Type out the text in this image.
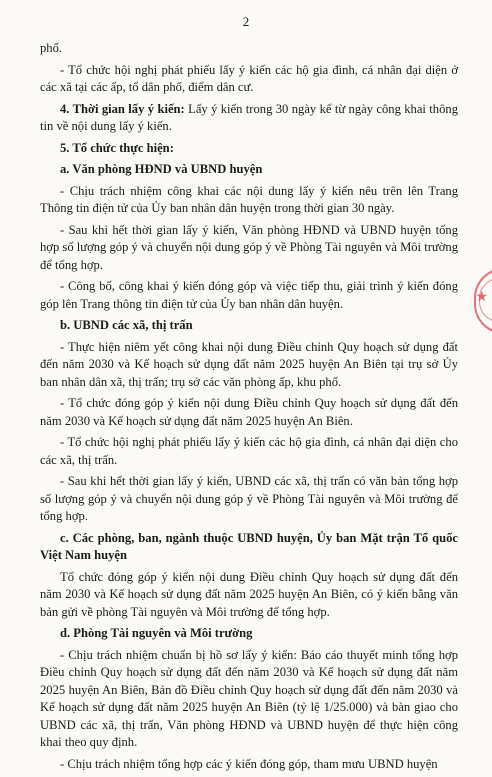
2

phố.

- Tổ chức hội nghị phát phiếu lấy ý kiến các hộ gia đình, cá nhân đại diện ở các xã tại các ấp, tổ dân phố, điểm dân cư.

4. Thời gian lấy ý kiến: Lấy ý kiến trong 30 ngày kể từ ngày công khai thông tin về nội dung lấy ý kiến.

5. Tổ chức thực hiện:

a. Văn phòng HĐND và UBND huyện

- Chịu trách nhiệm công khai các nội dung lấy ý kiến nêu trên lên Trang Thông tin điện tử của Ủy ban nhân dân huyện trong thời gian 30 ngày.

- Sau khi hết thời gian lấy ý kiến, Văn phòng HĐND và UBND huyện tổng hợp số lượng góp ý và chuyển nội dung góp ý về Phòng Tài nguyên và Môi trường để tổng hợp.

- Công bố, công khai ý kiến đóng góp và việc tiếp thu, giải trình ý kiến đóng góp lên Trang thông tin điện tử của Ủy ban nhân dân huyện.

b. UBND các xã, thị trấn

- Thực hiện niêm yết công khai nội dung Điều chỉnh Quy hoạch sử dụng đất đến năm 2030 và Kế hoạch sử dụng đất năm 2025 huyện An Biên tại trụ sở Ủy ban nhân dân xã, thị trấn; trụ sở các văn phòng ấp, khu phố.

- Tổ chức đóng góp ý kiến nội dung Điều chỉnh Quy hoạch sử dụng đất đến năm 2030 và Kế hoạch sử dụng đất năm 2025 huyện An Biên.

- Tổ chức hội nghị phát phiếu lấy ý kiến các hộ gia đình, cá nhân đại diện cho các xã, thị trấn.

- Sau khi hết thời gian lấy ý kiến, UBND các xã, thị trấn có văn bản tổng hợp số lượng góp ý và chuyển nội dung góp ý về Phòng Tài nguyên và Môi trường để tổng hợp.

c. Các phòng, ban, ngành thuộc UBND huyện, Ủy ban Mặt trận Tổ quốc Việt Nam huyện

Tổ chức đóng góp ý kiến nội dung Điều chỉnh Quy hoạch sử dụng đất đến năm 2030 và Kế hoạch sử dụng đất năm 2025 huyện An Biên, có ý kiến bằng văn bản gửi về phòng Tài nguyên và Môi trường để tổng hợp.

d. Phòng Tài nguyên và Môi trường

- Chịu trách nhiệm chuẩn bị hồ sơ lấy ý kiến: Báo cáo thuyết minh tổng hợp Điều chỉnh Quy hoạch sử dụng đất đến năm 2030 và Kế hoạch sử dụng đất năm 2025 huyện An Biên, Bản đồ Điều chỉnh Quy hoạch sử dụng đất đến năm 2030 và Kế hoạch sử dụng đất năm 2025 huyện An Biên (tỷ lệ 1/25.000) và bàn giao cho UBND các xã, thị trấn, Văn phòng HĐND và UBND huyện để thực hiện công khai theo quy định.

- Chịu trách nhiệm tổng hợp các ý kiến đóng góp, tham mưu UBND huyện

★
